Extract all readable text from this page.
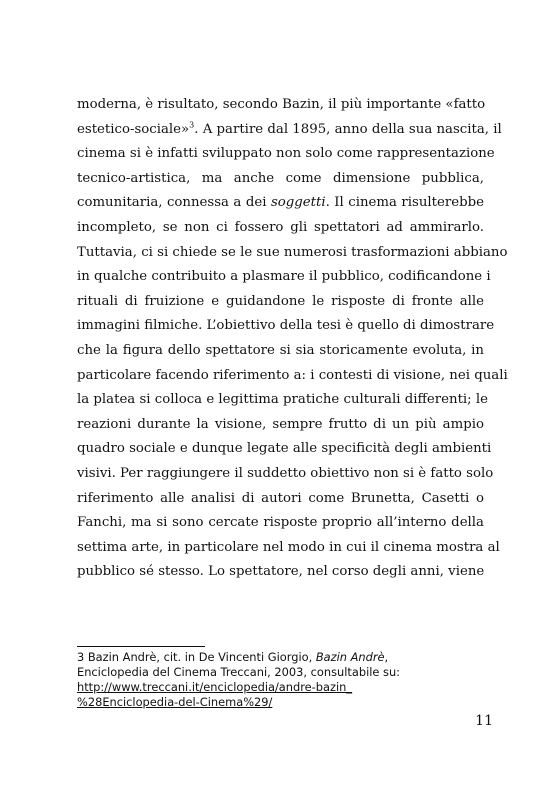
moderna, è risultato, secondo Bazin, il più importante «fatto
estetico-sociale»$^3$. A partire dal 1895, anno della sua nascita, il
cinema si è infatti sviluppato non solo come rappresentazione
tecnico-artistica, ma anche come dimensione pubblica,
comunitaria, connessa a dei soggetti. Il cinema risulterebbe
incompleto, se non ci fossero gli spettatori ad ammirarlo.
Tuttavia, ci si chiede se le sue numerosi trasformazioni abbiano
in qualche contribuito a plasmare il pubblico, codificandone i
rituali di fruizione e guidandone le risposte di fronte alle
immagini filmiche. L’obiettivo della tesi è quello di dimostrare
che la figura dello spettatore si sia storicamente evoluta, in
particolare facendo riferimento a: i contesti di visione, nei quali
la platea si colloca e legittima pratiche culturali differenti; le
reazioni durante la visione, sempre frutto di un più ampio
quadro sociale e dunque legate alle specificità degli ambienti
visivi. Per raggiungere il suddetto obiettivo non si è fatto solo
riferimento alle analisi di autori come Brunetta, Casetti o
Fanchi, ma si sono cercate risposte proprio all’interno della
settima arte, in particolare nel modo in cui il cinema mostra al
pubblico sé stesso. Lo spettatore, nel corso degli anni, viene
3 Bazin Andrè, cit. in De Vincenti Giorgio, Bazin Andrè,
Enciclopedia del Cinema Treccani, 2003, consultabile su:
http://www.treccani.it/enciclopedia/andre-bazin_
%28Enciclopedia-del-Cinema%29/
11
